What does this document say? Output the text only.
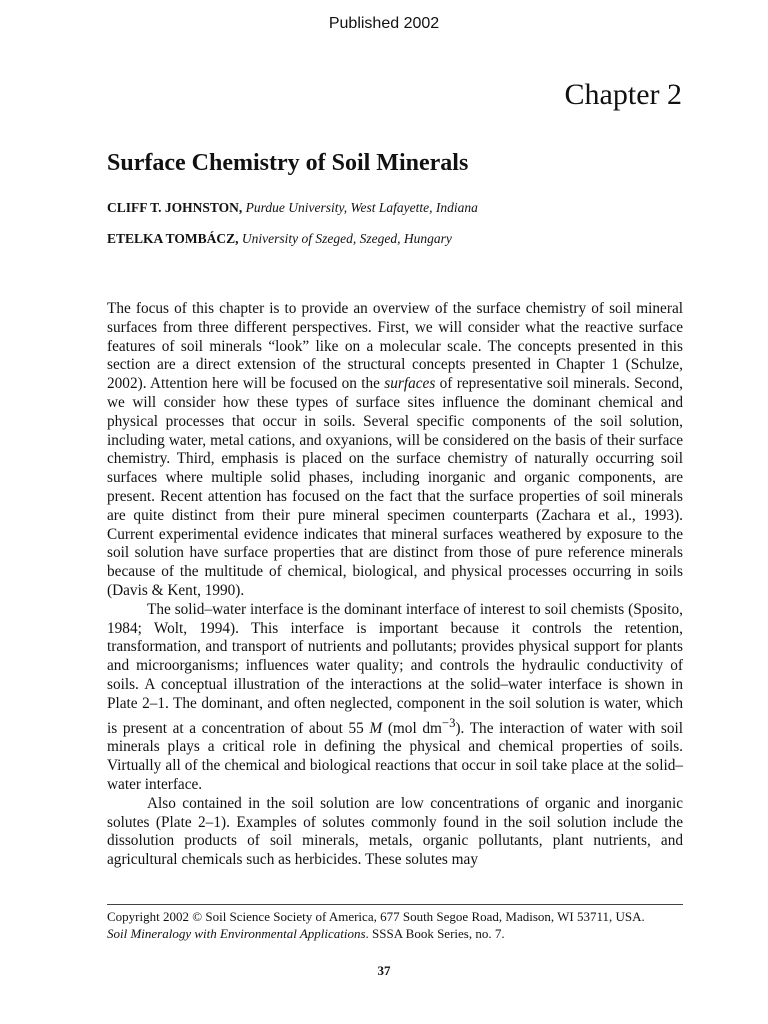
Published 2002
Chapter 2
Surface Chemistry of Soil Minerals
CLIFF T. JOHNSTON, Purdue University, West Lafayette, Indiana
ETELKA TOMBÁCZ, University of Szeged, Szeged, Hungary

The focus of this chapter is to provide an overview of the surface chemistry of soil mineral surfaces from three different perspectives. First, we will consider what the reactive surface features of soil minerals “look” like on a molecular scale. The concepts presented in this section are a direct extension of the structural concepts presented in Chapter 1 (Schulze, 2002). Attention here will be focused on the surfaces of representative soil minerals. Second, we will consider how these types of surface sites influence the dominant chemical and physical processes that occur in soils. Several specific components of the soil solution, including water, metal cations, and oxyanions, will be considered on the basis of their surface chemistry. Third, emphasis is placed on the surface chemistry of naturally occurring soil surfaces where multiple solid phases, including inorganic and organic components, are present. Recent attention has focused on the fact that the surface properties of soil minerals are quite distinct from their pure mineral specimen counterparts (Zachara et al., 1993). Current experimental evidence indicates that mineral surfaces weathered by exposure to the soil solution have surface properties that are distinct from those of pure reference minerals because of the multitude of chemical, biological, and physical processes occurring in soils (Davis & Kent, 1990).

The solid–water interface is the dominant interface of interest to soil chemists (Sposito, 1984; Wolt, 1994). This interface is important because it controls the retention, transformation, and transport of nutrients and pollutants; provides physical support for plants and microorganisms; influences water quality; and controls the hydraulic conductivity of soils. A conceptual illustration of the interactions at the solid–water interface is shown in Plate 2–1. The dominant, and often neglected, component in the soil solution is water, which is present at a concentration of about 55 M (mol $dm^{-3}$). The interaction of water with soil minerals plays a critical role in defining the physical and chemical properties of soils. Virtually all of the chemical and biological reactions that occur in soil take place at the solid–water interface.

Also contained in the soil solution are low concentrations of organic and inorganic solutes (Plate 2–1). Examples of solutes commonly found in the soil solution include the dissolution products of soil minerals, metals, organic pollutants, plant nutrients, and agricultural chemicals such as herbicides. These solutes may

Copyright 2002 © Soil Science Society of America, 677 South Segoe Road, Madison, WI 53711, USA.
Soil Mineralogy with Environmental Applications. SSSA Book Series, no. 7.
37
